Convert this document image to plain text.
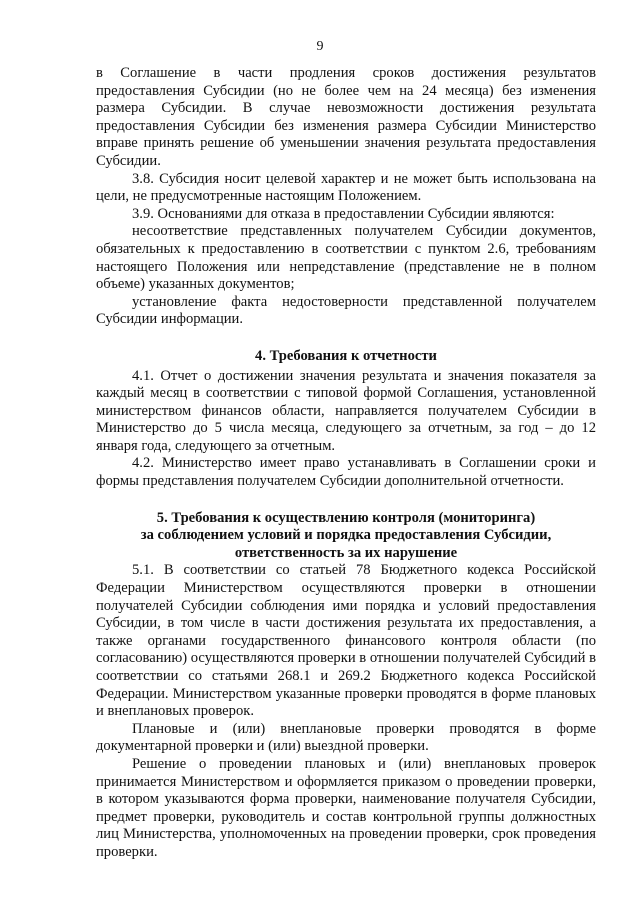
9

в Соглашение в части продления сроков достижения результатов предоставления Субсидии (но не более чем на 24 месяца) без изменения размера Субсидии. В случае невозможности достижения результата предоставления Субсидии без изменения размера Субсидии Министерство вправе принять решение об уменьшении значения результата предоставления Субсидии.

3.8. Субсидия носит целевой характер и не может быть использована на цели, не предусмотренные настоящим Положением.

3.9. Основаниями для отказа в предоставлении Субсидии являются:

несоответствие представленных получателем Субсидии документов, обязательных к предоставлению в соответствии с пунктом 2.6, требованиям настоящего Положения или непредставление (представление не в полном объеме) указанных документов;

установление факта недостоверности представленной получателем Субсидии информации.

4. Требования к отчетности

4.1. Отчет о достижении значения результата и значения показателя за каждый месяц в соответствии с типовой формой Соглашения, установленной министерством финансов области, направляется получателем Субсидии в Министерство до 5 числа месяца, следующего за отчетным, за год – до 12 января года, следующего за отчетным.

4.2. Министерство имеет право устанавливать в Соглашении сроки и формы представления получателем Субсидии дополнительной отчетности.

5. Требования к осуществлению контроля (мониторинга)
за соблюдением условий и порядка предоставления Субсидии,
ответственность за их нарушение

5.1. В соответствии со статьей 78 Бюджетного кодекса Российской Федерации Министерством осуществляются проверки в отношении получателей Субсидии соблюдения ими порядка и условий предоставления Субсидии, в том числе в части достижения результата их предоставления, а также органами государственного финансового контроля области (по согласованию) осуществляются проверки в отношении получателей Субсидий в соответствии со статьями 268.1 и 269.2 Бюджетного кодекса Российской Федерации. Министерством указанные проверки проводятся в форме плановых и внеплановых проверок.

Плановые и (или) внеплановые проверки проводятся в форме документарной проверки и (или) выездной проверки.

Решение о проведении плановых и (или) внеплановых проверок принимается Министерством и оформляется приказом о проведении проверки, в котором указываются форма проверки, наименование получателя Субсидии, предмет проверки, руководитель и состав контрольной группы должностных лиц Министерства, уполномоченных на проведении проверки, срок проведения проверки.
